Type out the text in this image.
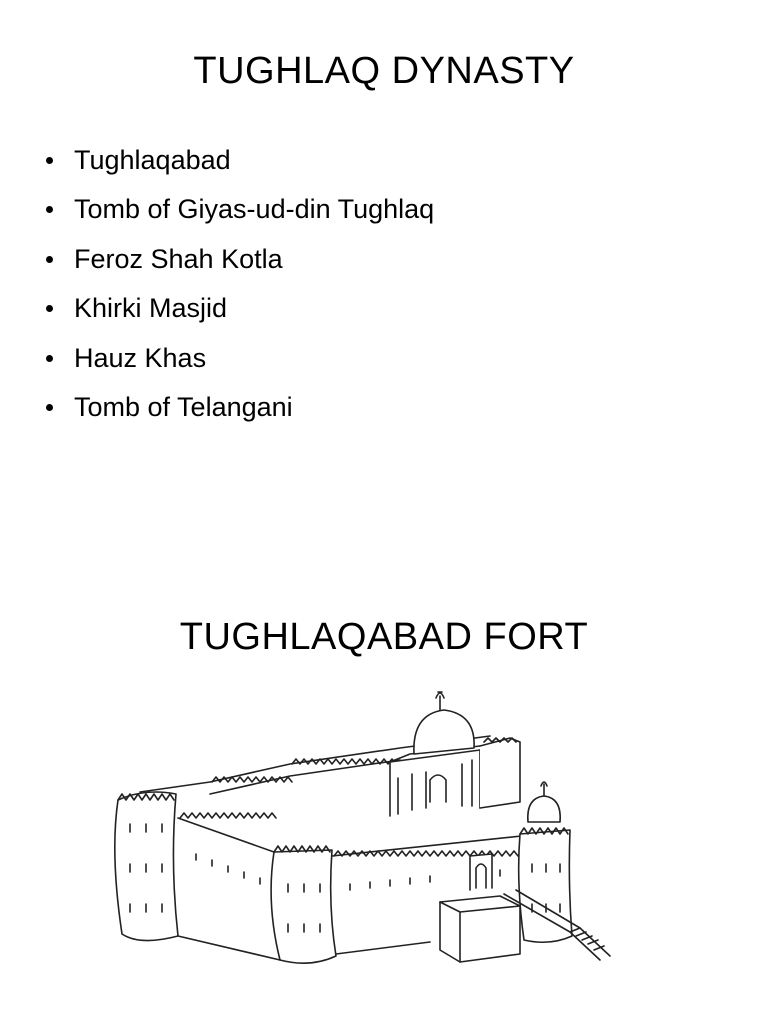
TUGHLAQ DYNASTY
Tughlaqabad
Tomb of Giyas-ud-din Tughlaq
Feroz Shah Kotla
Khirki Masjid
Hauz Khas
Tomb of Telangani
TUGHLAQABAD FORT
